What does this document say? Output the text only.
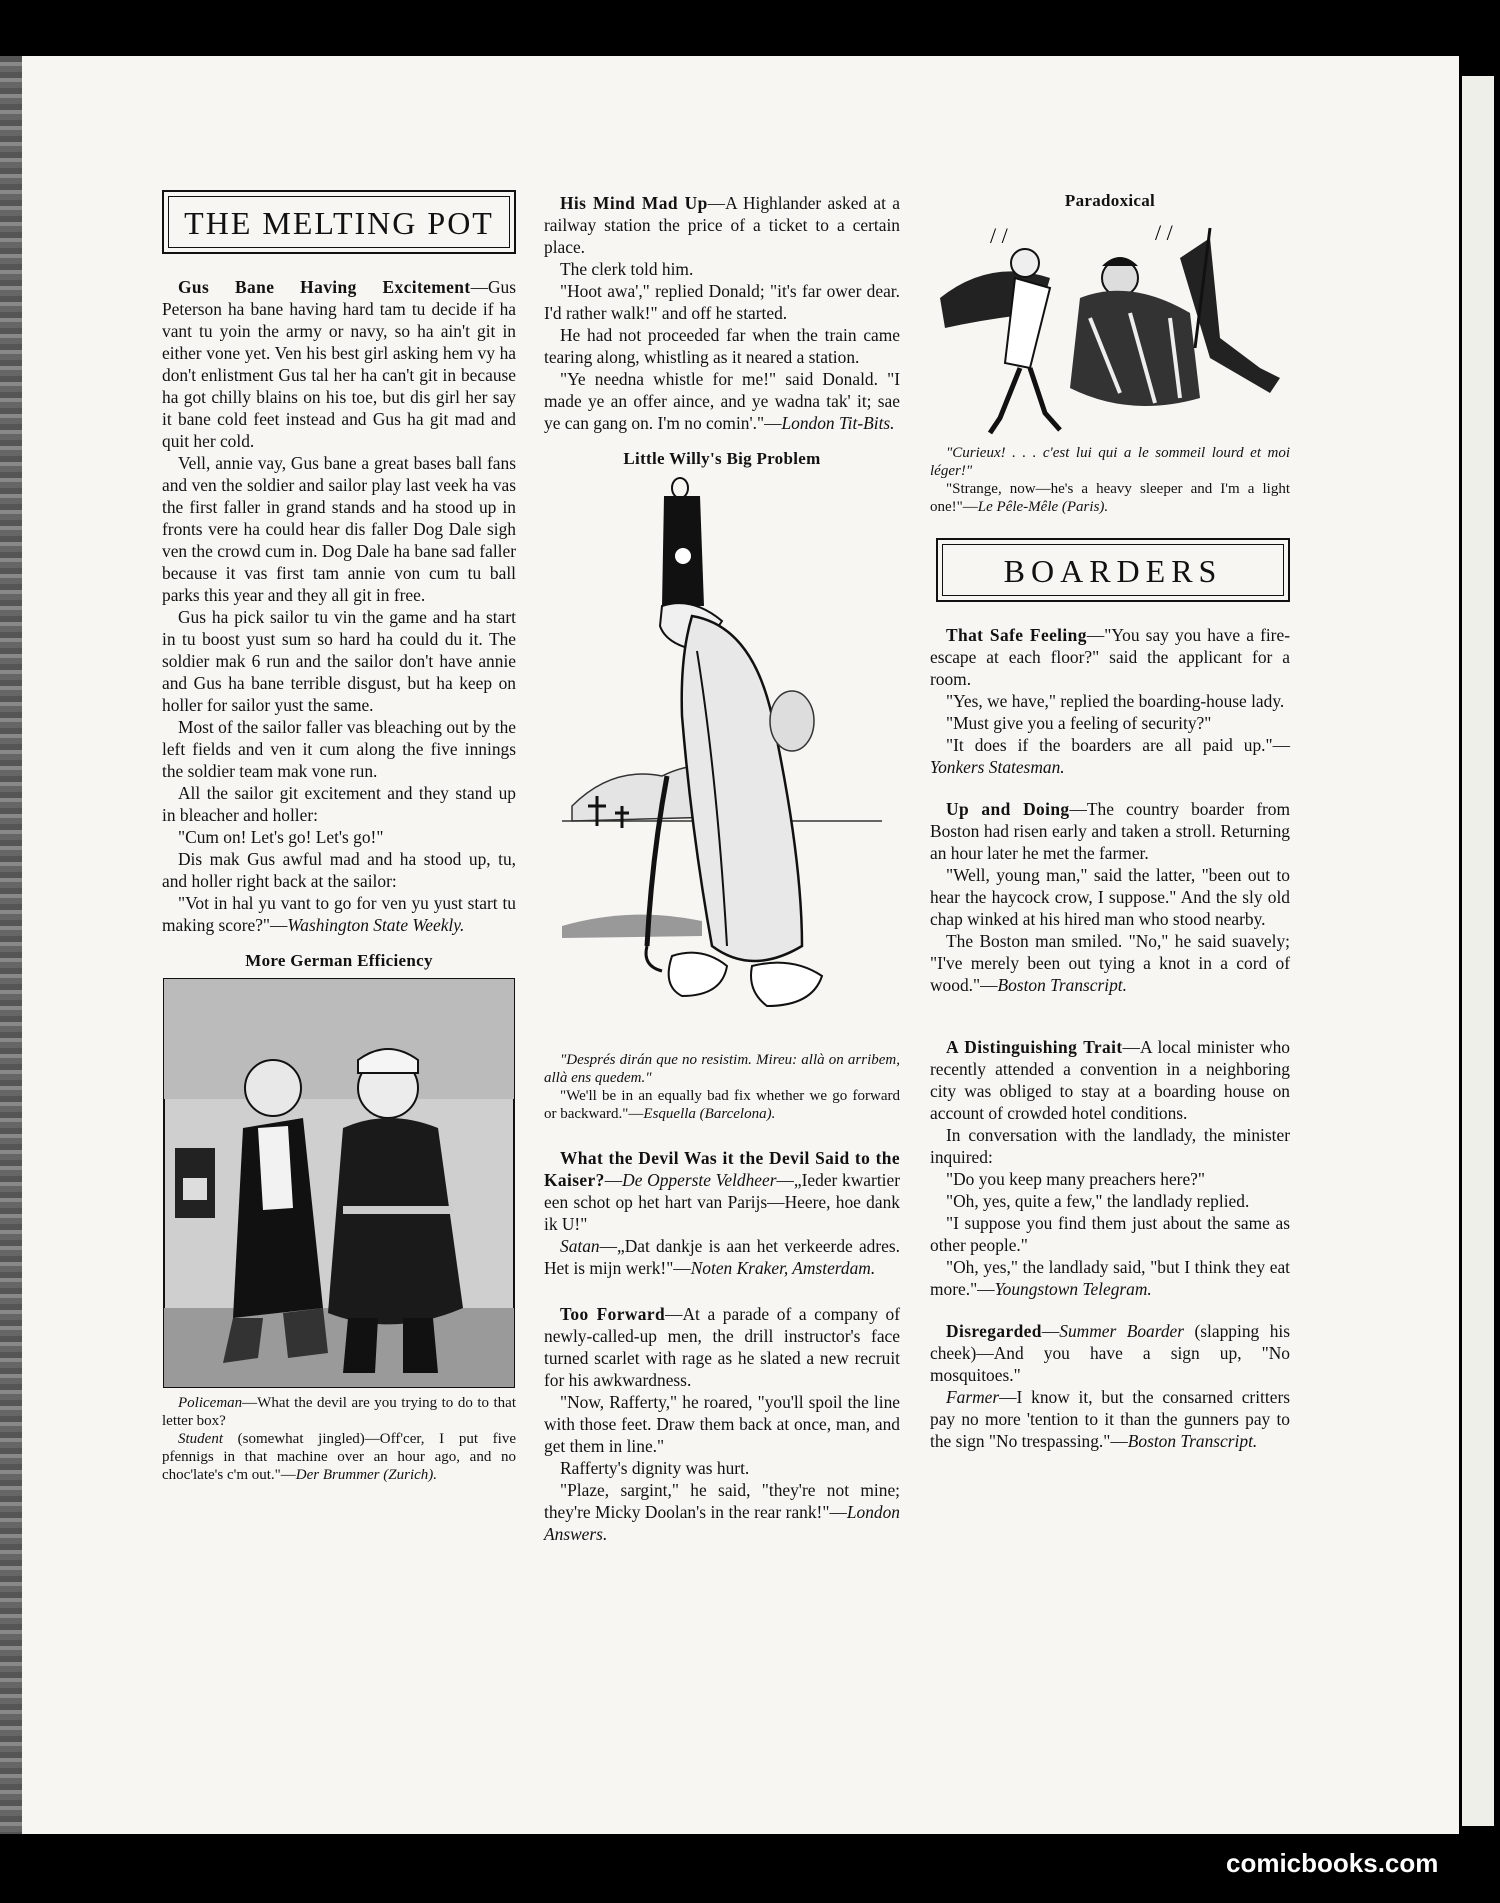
THE MELTING POT

Gus Bane Having Excitement—Gus Peterson ha bane having hard tam tu decide if ha vant tu yoin the army or navy, so ha ain't git in either vone yet. Ven his best girl asking hem vy ha don't enlistment Gus tal her ha can't git in because ha got chilly blains on his toe, but dis girl her say it bane cold feet instead and Gus ha git mad and quit her cold.

Vell, annie vay, Gus bane a great bases ball fans and ven the soldier and sailor play last veek ha vas the first faller in grand stands and ha stood up in fronts vere ha could hear dis faller Dog Dale sigh ven the crowd cum in. Dog Dale ha bane sad faller because it vas first tam annie von cum tu ball parks this year and they all git in free.

Gus ha pick sailor tu vin the game and ha start in tu boost yust sum so hard ha could du it. The soldier mak 6 run and the sailor don't have annie and Gus ha bane terrible disgust, but ha keep on holler for sailor yust the same.

Most of the sailor faller vas bleaching out by the left fields and ven it cum along the five innings the soldier team mak vone run.

All the sailor git excitement and they stand up in bleacher and holler:

"Cum on! Let's go! Let's go!"

Dis mak Gus awful mad and ha stood up, tu, and holler right back at the sailor:

"Vot in hal yu vant to go for ven yu yust start tu making score?"—Washington State Weekly.

More German Efficiency

Policeman—What the devil are you trying to do to that letter box?

Student (somewhat jingled)—Off'cer, I put five pfennigs in that machine over an hour ago, and no choc'late's c'm out."—Der Brummer (Zurich).

His Mind Mad Up—A Highlander asked at a railway station the price of a ticket to a certain place.

The clerk told him.

"Hoot awa'," replied Donald; "it's far ower dear. I'd rather walk!" and off he started.

He had not proceeded far when the train came tearing along, whistling as it neared a station.

"Ye needna whistle for me!" said Donald. "I made ye an offer aince, and ye wadna tak' it; sae ye can gang on. I'm no comin'."—London Tit-Bits.

Little Willy's Big Problem

"Després dirán que no resistim. Mireu: allà on arribem, allà ens quedem."

"We'll be in an equally bad fix whether we go forward or backward."—Esquella (Barcelona).

What the Devil Was it the Devil Said to the Kaiser?—De Opperste Veldheer—„Ieder kwartier een schot op het hart van Parijs—Heere, hoe dank ik U!"

Satan—„Dat dankje is aan het verkeerde adres. Het is mijn werk!"—Noten Kraker, Amsterdam.

Too Forward—At a parade of a company of newly-called-up men, the drill instructor's face turned scarlet with rage as he slated a new recruit for his awkwardness.

"Now, Rafferty," he roared, "you'll spoil the line with those feet. Draw them back at once, man, and get them in line."

Rafferty's dignity was hurt.

"Plaze, sargint," he said, "they're not mine; they're Micky Doolan's in the rear rank!"—London Answers.

Paradoxical
/ /	/ /

"Curieux! . . . c'est lui qui a le sommeil lourd et moi léger!"

"Strange, now—he's a heavy sleeper and I'm a light one!"—Le Pêle-Mêle (Paris).

BOARDERS

That Safe Feeling—"You say you have a fire-escape at each floor?" said the applicant for a room.

"Yes, we have," replied the boarding-house lady.

"Must give you a feeling of security?"

"It does if the boarders are all paid up."—Yonkers Statesman.

Up and Doing—The country boarder from Boston had risen early and taken a stroll. Returning an hour later he met the farmer.

"Well, young man," said the latter, "been out to hear the haycock crow, I suppose." And the sly old chap winked at his hired man who stood nearby.

The Boston man smiled. "No," he said suavely; "I've merely been out tying a knot in a cord of wood."—Boston Transcript.

A Distinguishing Trait—A local minister who recently attended a convention in a neighboring city was obliged to stay at a boarding house on account of crowded hotel conditions.

In conversation with the landlady, the minister inquired:

"Do you keep many preachers here?"

"Oh, yes, quite a few," the landlady replied.

"I suppose you find them just about the same as other people."

"Oh, yes," the landlady said, "but I think they eat more."—Youngstown Telegram.

Disregarded—Summer Boarder (slapping his cheek)—And you have a sign up, "No mosquitoes."

Farmer—I know it, but the consarned critters pay no more 'tention to it than the gunners pay to the sign "No trespassing."—Boston Transcript.

comicbooks.com
